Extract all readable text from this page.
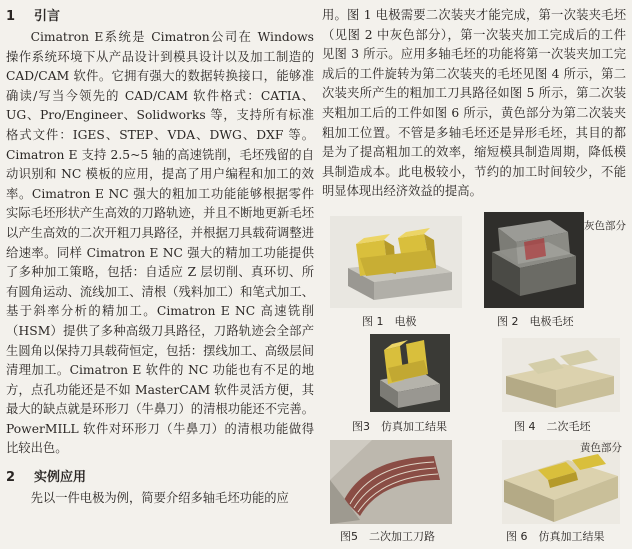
1 引言
Cimatron E系统是 Cimatron公司在 Windows 操作系统环境下从产品设计到模具设计以及加工制造的 CAD/CAM 软件。它拥有强大的数据转换接口，能够准确读/写当今领先的 CAD/CAM 软件格式：CATIA、UG、Pro/Engineer、Solidworks 等，支持所有标准格式文件：IGES、STEP、VDA、DWG、DXF 等。Cimatron E 支持 2.5~5 轴的高速铣削，毛坯残留的自动识别和 NC 模板的应用，提高了用户编程和加工的效率。Cimatron E NC 强大的粗加工功能能够根据零件实际毛坯形状产生高效的刀路轨迹，并且不断地更新毛坯以产生高效的二次开粗刀具路径，并根据刀具载荷调整进给速率。同样 Cimatron E NC 强大的精加工功能提供了多种加工策略，包括：自适应 Z 层切削、真环切、所有圆角运动、流线加工、清根（残料加工）和笔式加工、基于斜率分析的精加工。Cimatron E NC 高速铣削（HSM）提供了多种高级刀具路径，刀路轨迹会全部产生圆角以保持刀具载荷恒定，包括：摆线加工、高级层间清理加工。Cimatron E 软件的 NC 功能也有不足的地方，点孔功能还是不如 MasterCAM 软件灵活方便，其最大的缺点就是环形刀（牛鼻刀）的清根功能还不完善。PowerMILL 软件对环形刀（牛鼻刀）的清根功能做得比较出色。
2 实例应用
先以一件电极为例，简要介绍多轴毛坯功能的应
用。图 1 电极需要二次装夹才能完成，第一次装夹毛坯（见图 2 中灰色部分），第一次装夹加工完成后的工件见图 3 所示。应用多轴毛坯的功能将第一次装夹加工完成后的工件旋转为第二次装夹的毛坯见图 4 所示，第二次装夹所产生的粗加工刀具路径如图 5 所示，第二次装夹粗加工后的工件如图 6 所示，黄色部分为第二次装夹粗加工位置。不管是多轴毛坯还是异形毛坯，其目的都是为了提高粗加工的效率，缩短模具制造周期，降低模具制造成本。此电极较小，节约的加工时间较少，不能明显体现出经济效益的提高。
灰色部分
图 1　电极	图 2　电极毛坯
图3　仿真加工结果	图 4　二次毛坯
黄色部分
图5　二次加工刀路	图 6　仿真加工结果
